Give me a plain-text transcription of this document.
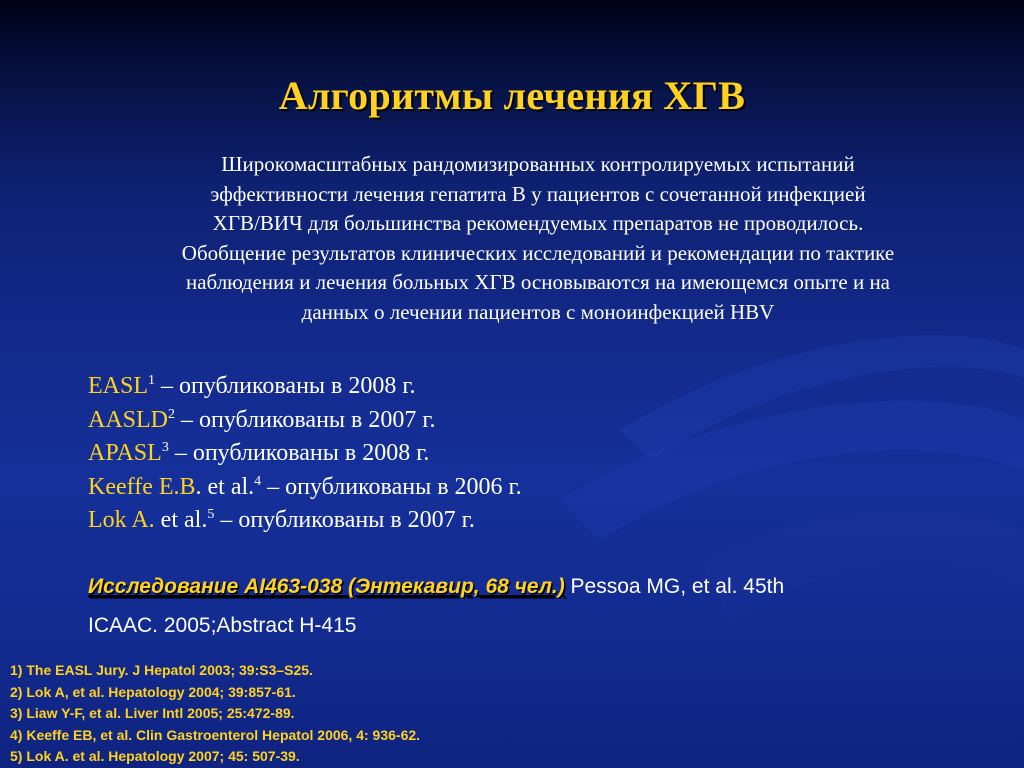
Алгоритмы лечения ХГВ
Широкомасштабных рандомизированных контролируемых испытаний
эффективности лечения гепатита В у пациентов с сочетанной инфекцией
ХГВ/ВИЧ для большинства рекомендуемых препаратов не проводилось.
Обобщение результатов клинических исследований и рекомендации по тактике
наблюдения и лечения больных ХГВ основываются на имеющемся опыте и на
данных о лечении пациентов с моноинфекцией HBV
EASL$^1$ – опубликованы в 2008 г.
AASLD$^2$ – опубликованы в 2007 г.
APASL$^3$ – опубликованы в 2008 г.
Keeffe E.B. et al.$^4$ – опубликованы в 2006 г.
Lok A. et al.$^5$ – опубликованы в 2007 г.
Исследование AI463-038 (Энтекавир, 68 чел.) Pessoa MG, et al. 45th
ICAAC. 2005;Abstract H-415
1) The EASL Jury. J Hepatol 2003; 39:S3–S25.
2) Lok A, et al. Hepatology 2004; 39:857-61.
3) Liaw Y-F, et al. Liver Intl 2005; 25:472-89.
4) Keeffe EB, et al. Clin Gastroenterol Hepatol 2006, 4: 936-62.
5) Lok A. et al. Hepatology 2007; 45: 507-39.
